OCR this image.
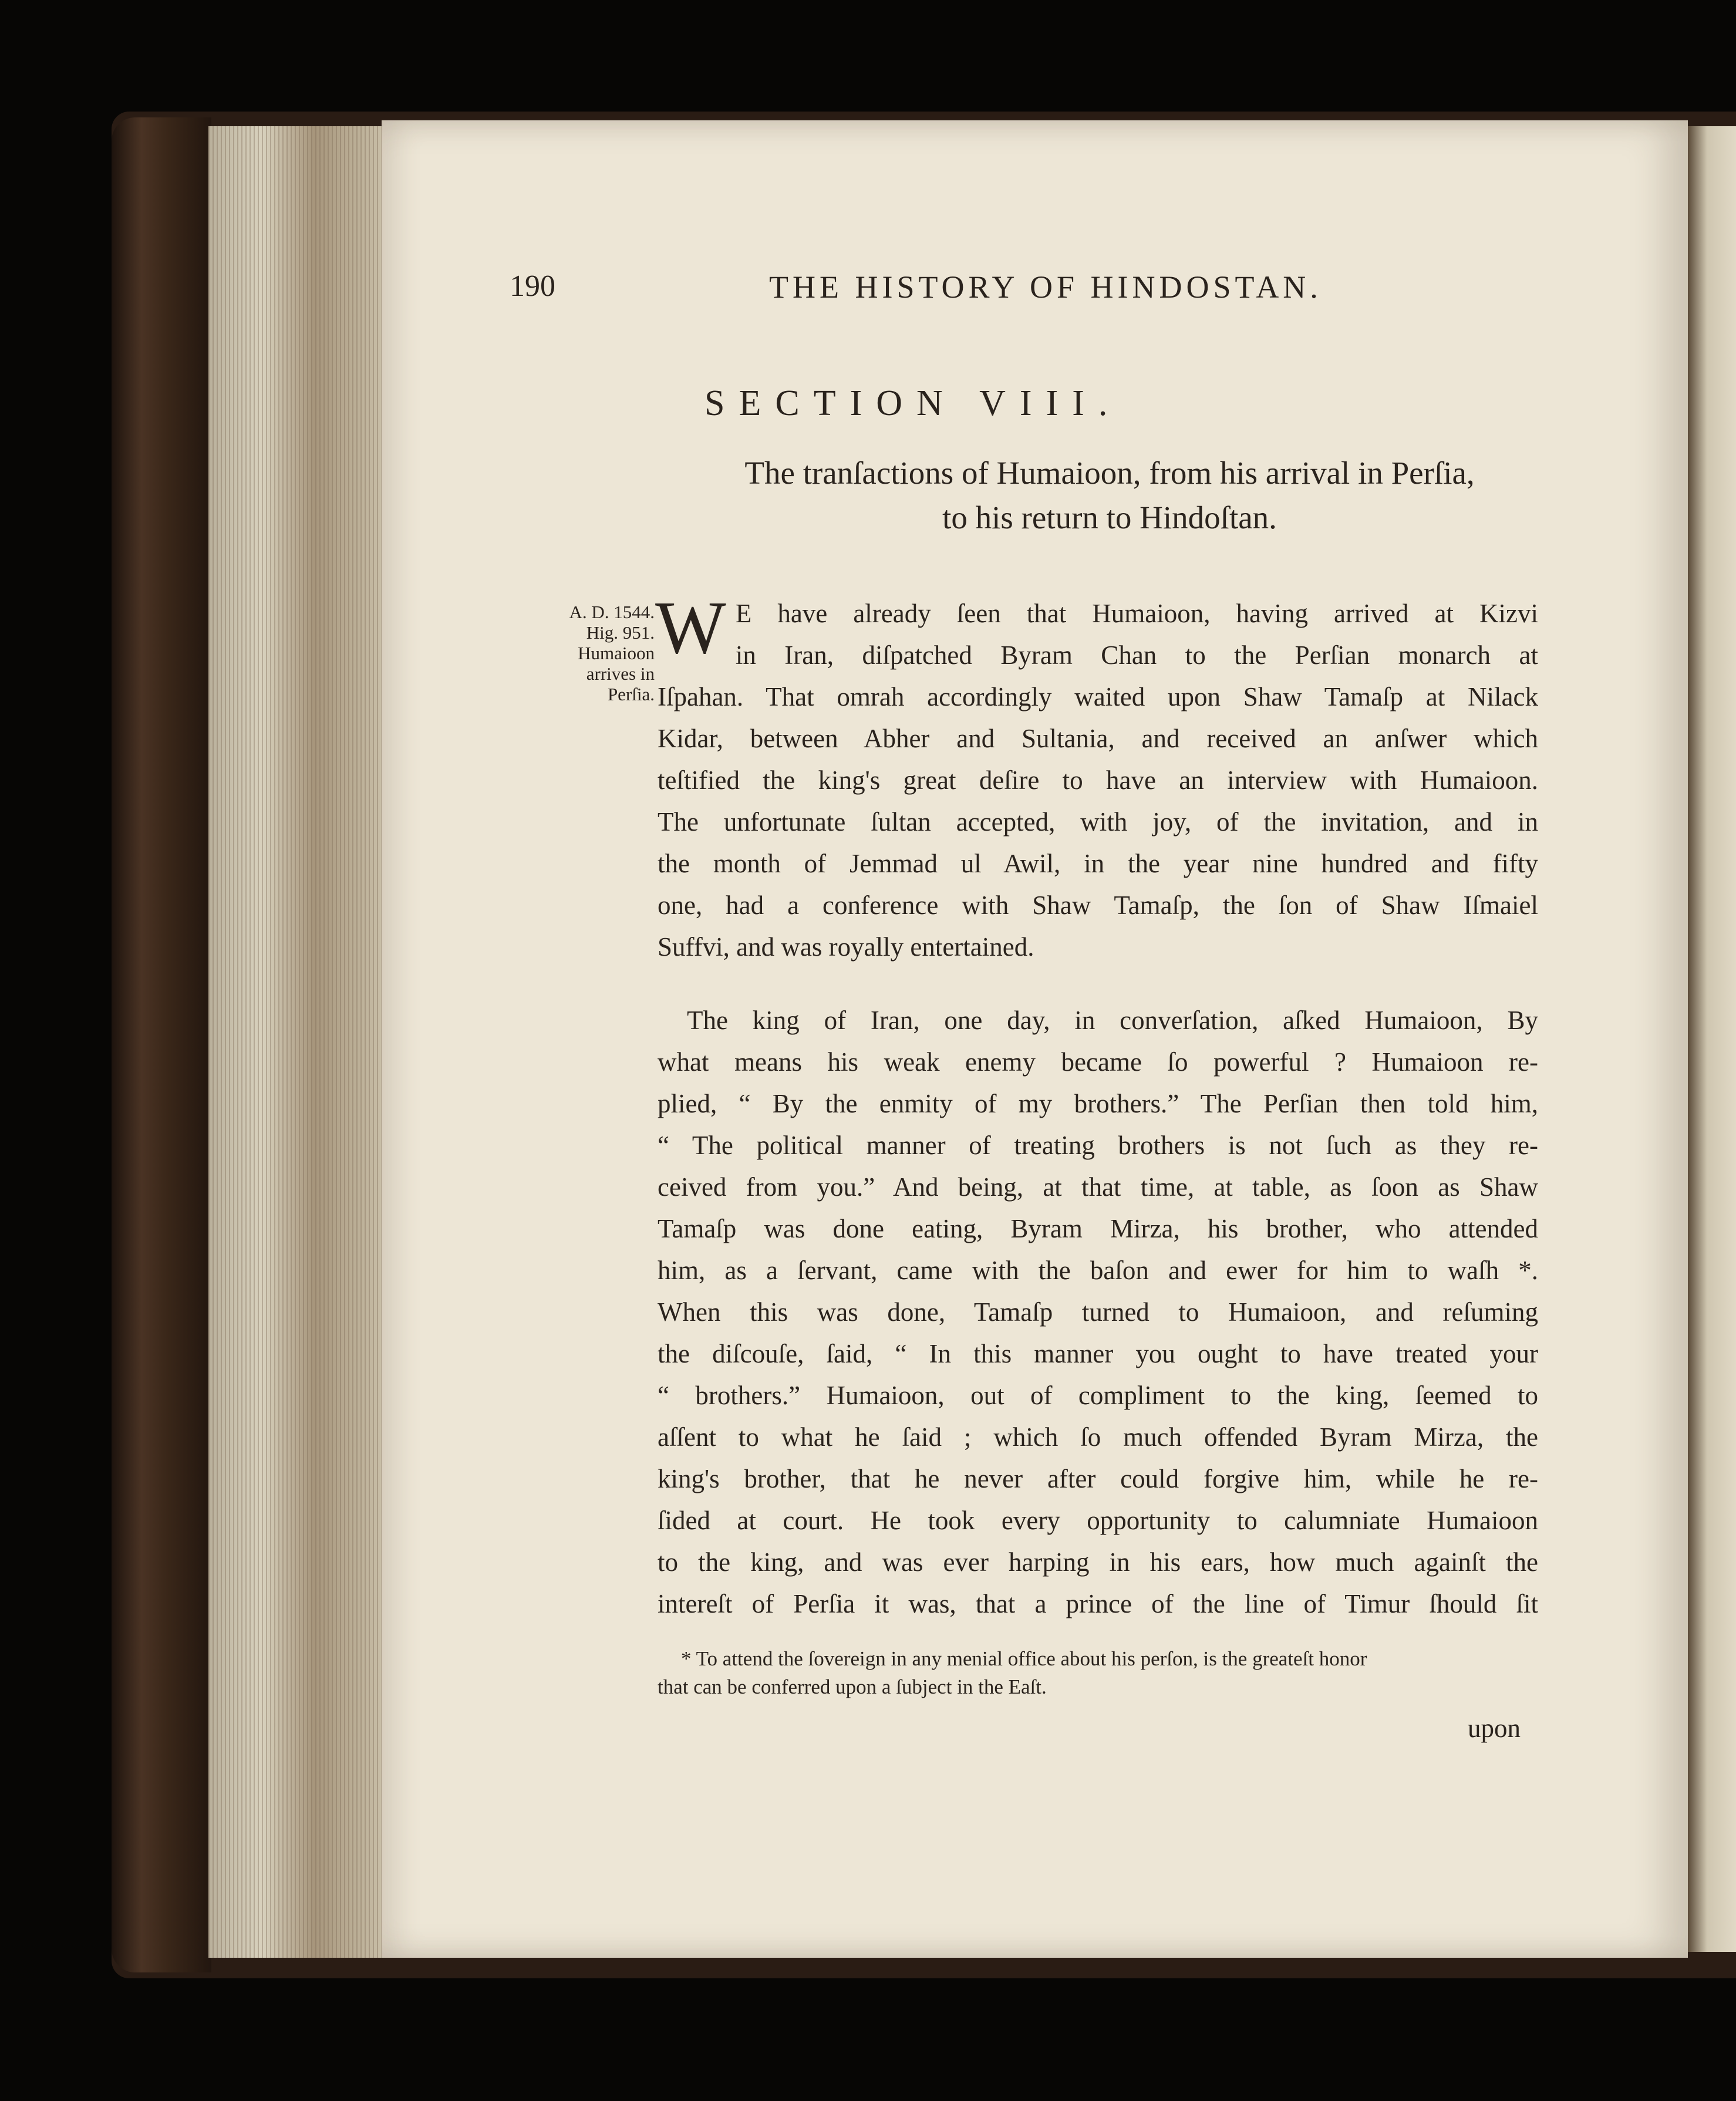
190	THE HISTORY OF HINDOSTAN.
SECTION VIII.
The tranſactions of Humaioon, from his arrival in Perſia,
to his return to Hindoſtan.
A. D. 1544.
Hig. 951.
Humaioon
arrives in
Perſia.
W E have already ſeen that Humaioon, having arrived at Kizvi
in Iran, diſpatched Byram Chan to the Perſian monarch at
Iſpahan. That omrah accordingly waited upon Shaw Tamaſp at Nilack
Kidar, between Abher and Sultania, and received an anſwer which
teſtified the king's great deſire to have an interview with Humaioon.
The unfortunate ſultan accepted, with joy, of the invitation, and in
the month of Jemmad ul Awil, in the year nine hundred and fifty
one, had a conference with Shaw Tamaſp, the ſon of Shaw Iſmaiel
Suffvi, and was royally entertained.
The king of Iran, one day, in converſation, aſked Humaioon, By
what means his weak enemy became ſo powerful ? Humaioon re-
plied, “ By the enmity of my brothers.” The Perſian then told him,
“ The political manner of treating brothers is not ſuch as they re-
ceived from you.” And being, at that time, at table, as ſoon as Shaw
Tamaſp was done eating, Byram Mirza, his brother, who attended
him, as a ſervant, came with the baſon and ewer for him to waſh *.
When this was done, Tamaſp turned to Humaioon, and reſuming
the diſcouſe, ſaid, “ In this manner you ought to have treated your
“ brothers.” Humaioon, out of compliment to the king, ſeemed to
aſſent to what he ſaid ; which ſo much offended Byram Mirza, the
king's brother, that he never after could forgive him, while he re-
ſided at court. He took every opportunity to calumniate Humaioon
to the king, and was ever harping in his ears, how much againſt the
intereſt of Perſia it was, that a prince of the line of Timur ſhould ſit
* To attend the ſovereign in any menial office about his perſon, is the greateſt honor
that can be conferred upon a ſubject in the Eaſt.
upon
